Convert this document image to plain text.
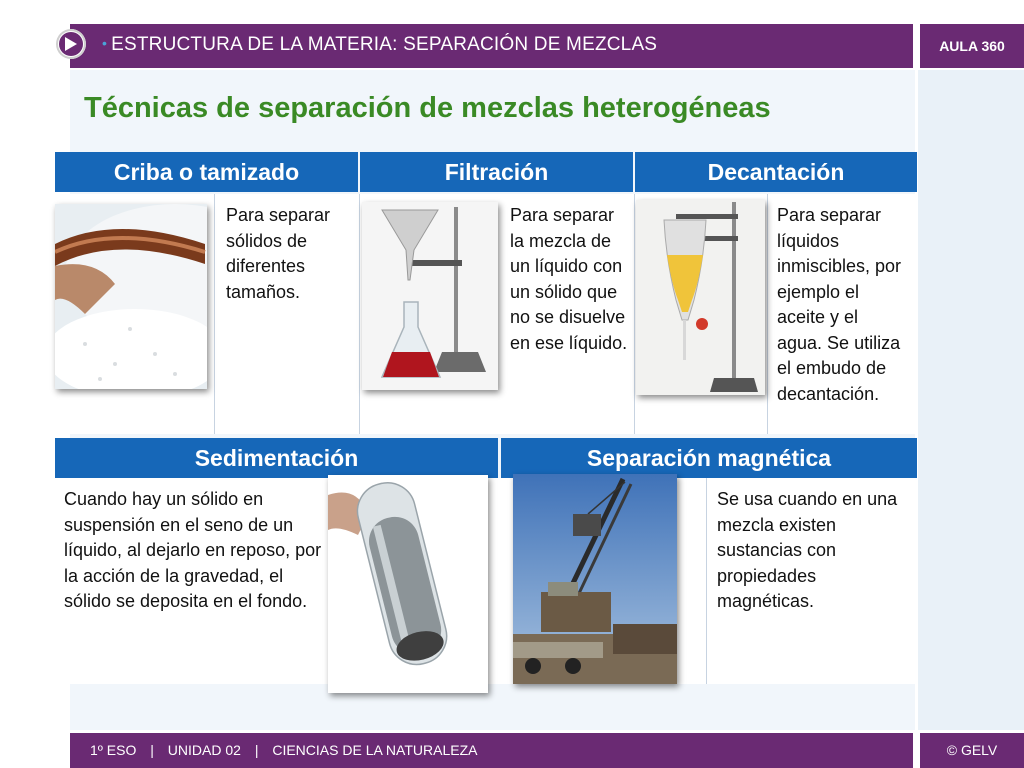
• ESTRUCTURA DE LA MATERIA: SEPARACIÓN DE MEZCLAS	AULA 360
Técnicas de separación de mezclas heterogéneas
Criba o tamizado	Filtración	Decantación
Para separar sólidos de diferentes tamaños.
Para separar la mezcla de un líquido con un sólido que no se disuelve en ese líquido.
Para separar líquidos inmiscibles, por ejemplo el aceite y el agua. Se utiliza el embudo de decantación.
Sedimentación	Separación magnética
Cuando hay un sólido en suspensión en el seno de un líquido, al dejarlo en reposo, por la acción de la gravedad, el sólido se deposita en el fondo.
Se usa cuando en una mezcla existen sustancias con propiedades magnéticas.
1º ESO | UNIDAD 02 | CIENCIAS DE LA NATURALEZA	© GELV
